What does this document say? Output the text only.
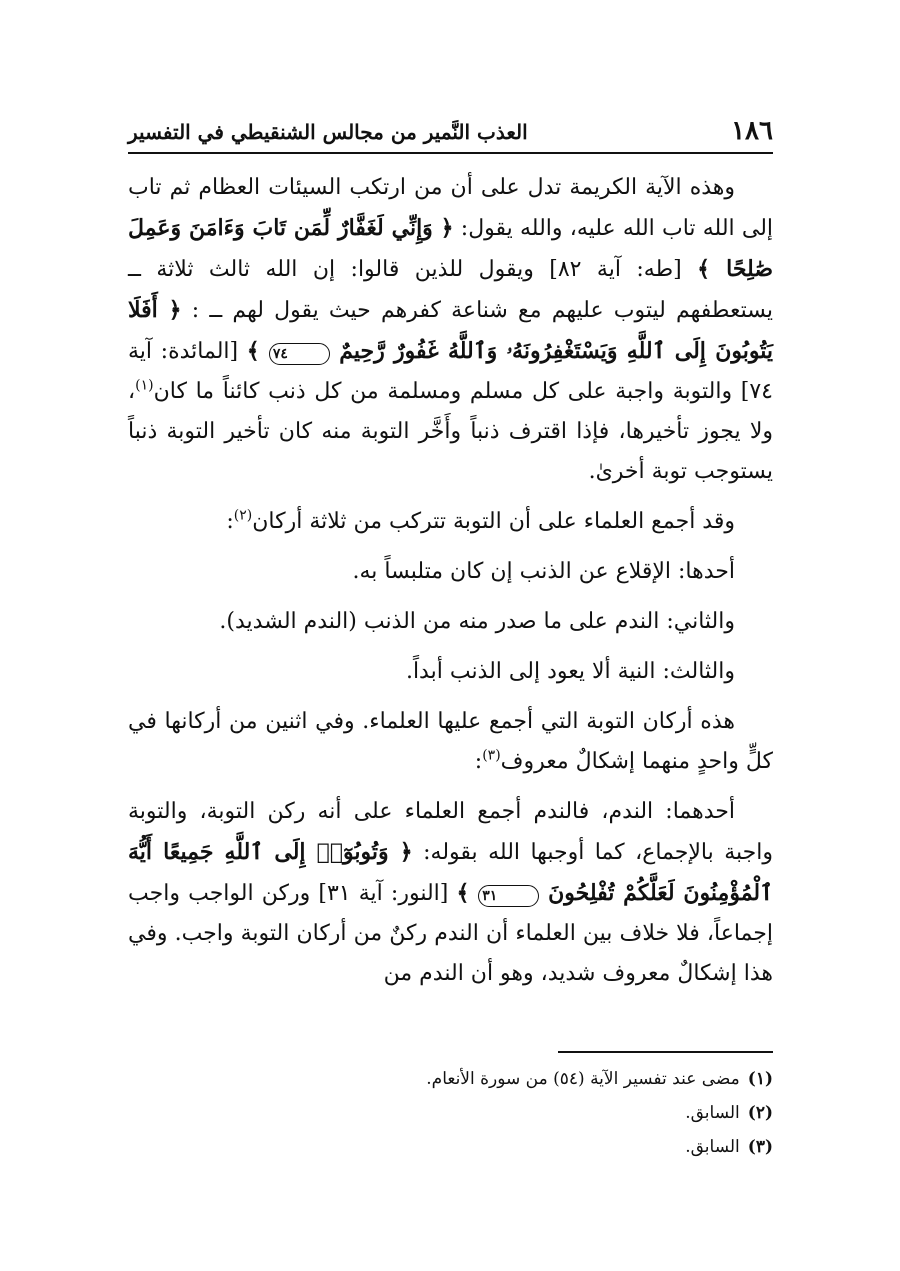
١٨٦
العذب النَّمير من مجالس الشنقيطي في التفسير

وهذه الآية الكريمة تدل على أن من ارتكب السيئات العظام ثم تاب إلى الله تاب الله عليه، والله يقول: ﴿ وَإِنِّي لَغَفَّارٌ لِّمَن تَابَ وَءَامَنَ وَعَمِلَ صَٰلِحًا ﴾ [طه: آية ٨٢] ويقول للذين قالوا: إن الله ثالث ثلاثة ــ يستعطفهم ليتوب عليهم مع شناعة كفرهم حيث يقول لهم ــ : ﴿ أَفَلَا يَتُوبُونَ إِلَى ٱللَّهِ وَيَسْتَغْفِرُونَهُۥ وَٱللَّهُ غَفُورٌ رَّحِيمٌ ٧٤ ﴾ [المائدة: آية ٧٤] والتوبة واجبة على كل مسلم ومسلمة من كل ذنب كائناً ما كان$^{(١)}$، ولا يجوز تأخيرها، فإذا اقترف ذنباً وأَخَّر التوبة منه كان تأخير التوبة ذنباً يستوجب توبة أخرىٰ.

وقد أجمع العلماء على أن التوبة تتركب من ثلاثة أركان$^{(٢)}$:

أحدها: الإقلاع عن الذنب إن كان متلبساً به.

والثاني: الندم على ما صدر منه من الذنب (الندم الشديد).

والثالث: النية ألا يعود إلى الذنب أبداً.

هذه أركان التوبة التي أجمع عليها العلماء. وفي اثنين من أركانها في كلٍّ واحدٍ منهما إشكالٌ معروف$^{(٣)}$:

أحدهما: الندم، فالندم أجمع العلماء على أنه ركن التوبة، والتوبة واجبة بالإجماع، كما أوجبها الله بقوله: ﴿ وَتُوبُوٓا۟ إِلَى ٱللَّهِ جَمِيعًا أَيُّهَ ٱلْمُؤْمِنُونَ لَعَلَّكُمْ تُفْلِحُونَ ٣١ ﴾ [النور: آية ٣١] وركن الواجب واجب إجماعاً، فلا خلاف بين العلماء أن الندم ركنٌ من أركان التوبة واجب. وفي هذا إشكالٌ معروف شديد، وهو أن الندم من

(١)مضى عند تفسير الآية (٥٤) من سورة الأنعام.

(٢)السابق.

(٣)السابق.
